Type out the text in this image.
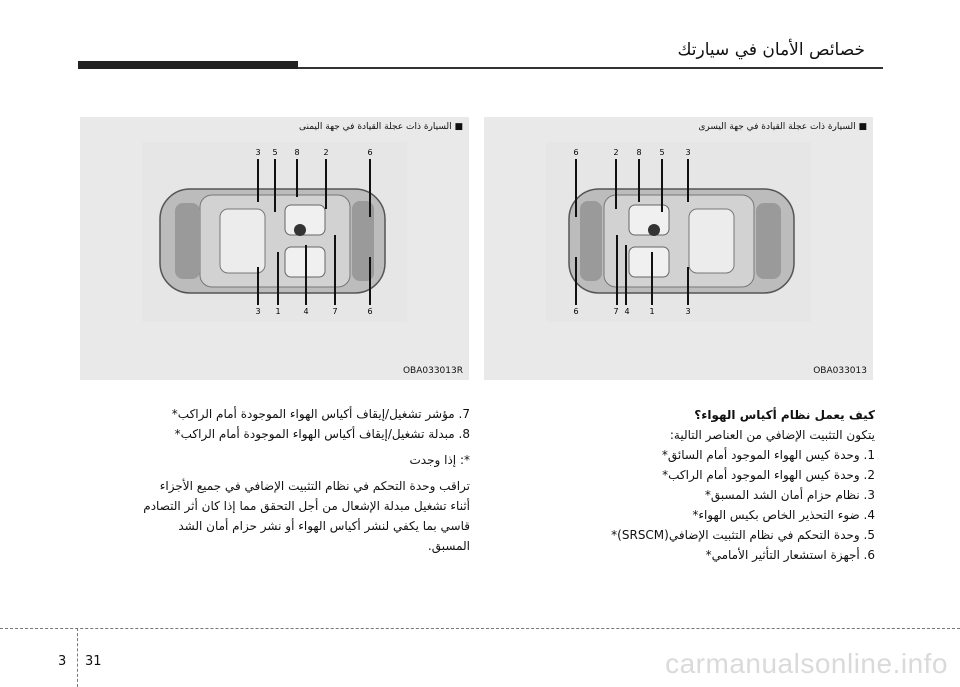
خصائص الأمان في سيارتك
3 5 8	2	6
3 1	4	7	6
■ السيارة ذات عجلة القيادة في جهة اليمنى
OBA033013R
6	2 8 5	3
6	7 4 1	3
■ السيارة ذات عجلة القيادة في جهة اليسرى
OBA033013

كيف يعمل نظام أكياس الهواء؟

يتكون التثبيت الإضافي من العناصر التالية:

1. وحدة كيس الهواء الموجود أمام السائق*

2. وحدة كيس الهواء الموجود أمام الراكب*

3. نظام حزام أمان الشد المسبق*

4. ضوء التحذير الخاص بكيس الهواء*

5. وحدة التحكم في نظام التثبيت الإضافي(SRSCM)*

6. أجهزة استشعار التأثير الأمامي*

7. مؤشر تشغيل/إيقاف أكياس الهواء الموجودة أمام الراكب*

8. مبدلة تشغيل/إيقاف أكياس الهواء الموجودة أمام الراكب*

*: إذا وجدت

تراقب وحدة التحكم في نظام التثبيت الإضافي في جميع الأجزاء أثناء تشغيل مبدلة الإشعال من أجل التحقق مما إذا كان أثر التصادم قاسي بما يكفي لنشر أكياس الهواء أو نشر حزام أمان الشد المسبق.

3 31	carmanualsonline.info
